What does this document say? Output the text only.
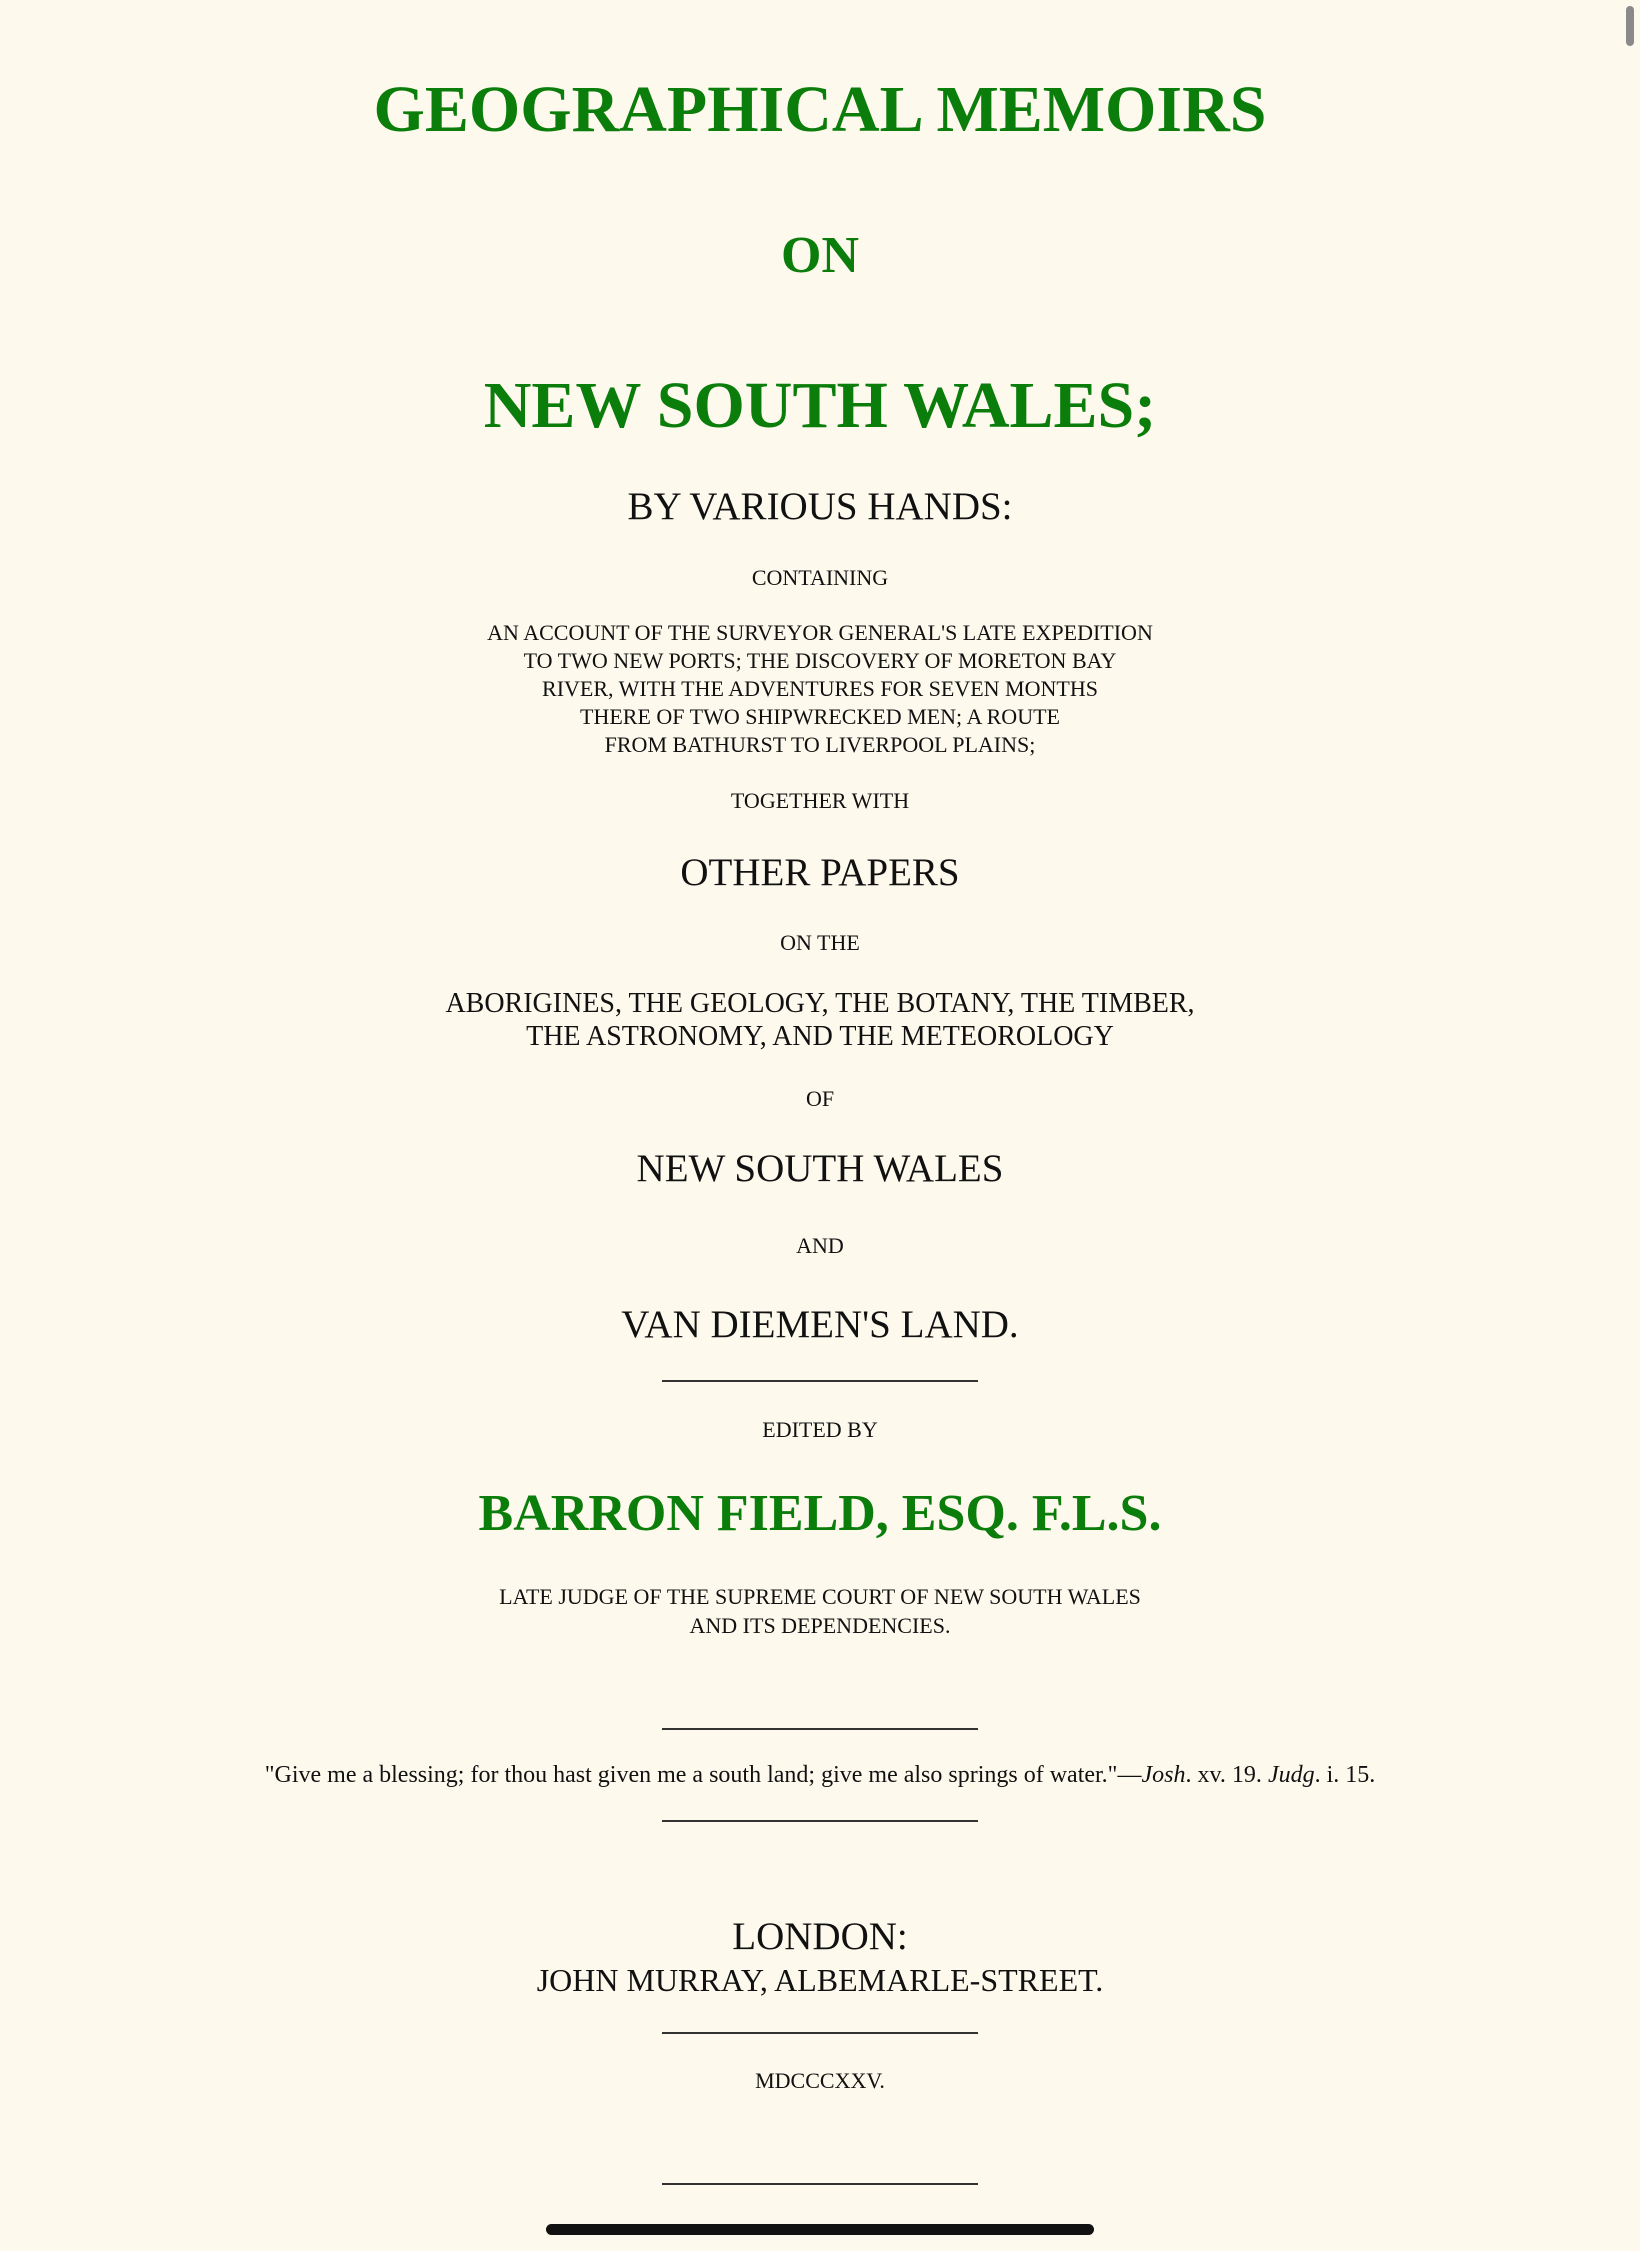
GEOGRAPHICAL MEMOIRS
ON
NEW SOUTH WALES;
BY VARIOUS HANDS:
CONTAINING
AN ACCOUNT OF THE SURVEYOR GENERAL'S LATE EXPEDITION
TO TWO NEW PORTS; THE DISCOVERY OF MORETON BAY
RIVER, WITH THE ADVENTURES FOR SEVEN MONTHS
THERE OF TWO SHIPWRECKED MEN; A ROUTE
FROM BATHURST TO LIVERPOOL PLAINS;
TOGETHER WITH
OTHER PAPERS
ON THE
ABORIGINES, THE GEOLOGY, THE BOTANY, THE TIMBER,
THE ASTRONOMY, AND THE METEOROLOGY
OF
NEW SOUTH WALES
AND
VAN DIEMEN'S LAND.
EDITED BY
BARRON FIELD, ESQ. F.L.S.
LATE JUDGE OF THE SUPREME COURT OF NEW SOUTH WALES
AND ITS DEPENDENCIES.
"Give me a blessing; for thou hast given me a south land; give me also springs of water."—Josh. xv. 19. Judg. i. 15.
LONDON:
JOHN MURRAY, ALBEMARLE-STREET.
MDCCCXXV.
